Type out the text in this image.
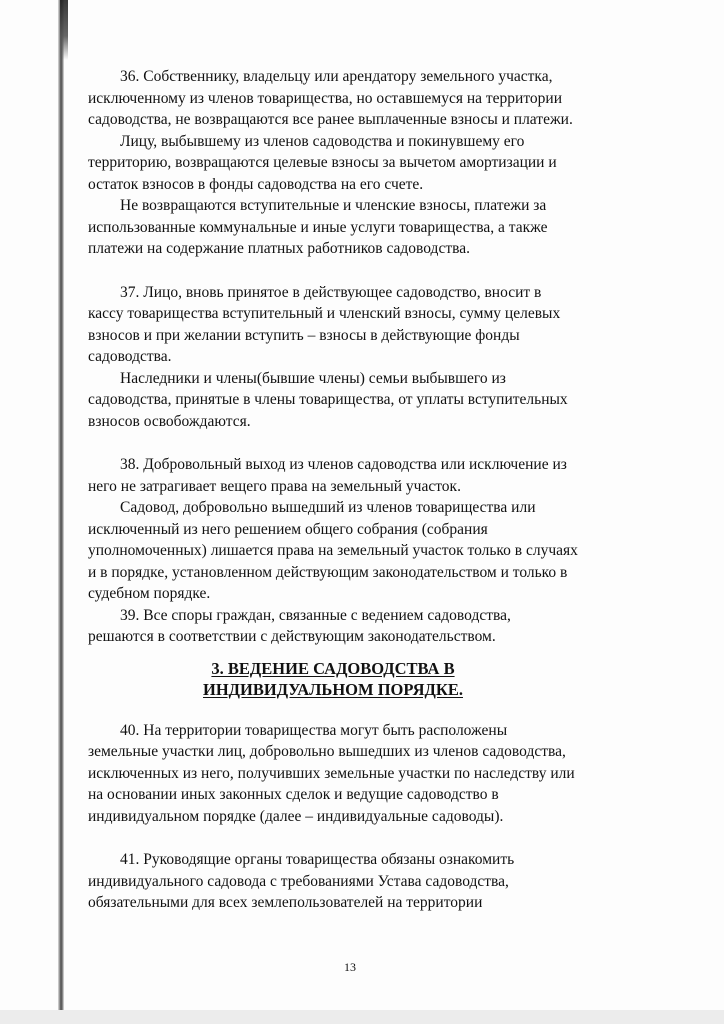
36. Собственнику, владельцу или арендатору земельного участка, исключенному из членов товарищества, но оставшемуся на территории садоводства, не возвращаются все ранее выплаченные взносы и платежи.

Лицу, выбывшему из членов садоводства и покинувшему его территорию, возвращаются целевые взносы за вычетом амортизации и остаток взносов в фонды садоводства на его счете.

Не возвращаются вступительные и членские взносы, платежи за использованные коммунальные и иные услуги товарищества, а также платежи на содержание платных работников садоводства.

37. Лицо, вновь принятое в действующее садоводство, вносит в кассу товарищества вступительный и членский взносы, сумму целевых взносов и при желании вступить – взносы в действующие фонды садоводства.

Наследники и члены(бывшие члены) семьи выбывшего из садоводства, принятые в члены товарищества, от уплаты вступительных взносов освобождаются.

38. Добровольный выход из членов садоводства или исключение из него не затрагивает вещего права на земельный участок.

Садовод, добровольно вышедший из членов товарищества или исключенный из него решением общего собрания (собрания уполномоченных) лишается права на земельный участок только в случаях и в порядке, установленном действующим законодательством и только в судебном порядке.

39. Все споры граждан, связанные с ведением садоводства, решаются в соответствии с действующим законодательством.

3. ВЕДЕНИЕ САДОВОДСТВА В
ИНДИВИДУАЛЬНОМ ПОРЯДКЕ.

40. На территории товарищества могут быть расположены земельные участки лиц, добровольно вышедших из членов садоводства, исключенных из него, получивших земельные участки по наследству или на основании иных законных сделок и ведущие садоводство в индивидуальном порядке (далее – индивидуальные садоводы).

41. Руководящие органы товарищества обязаны ознакомить индивидуального садовода с требованиями Устава садоводства, обязательными для всех землепользователей на территории

13
